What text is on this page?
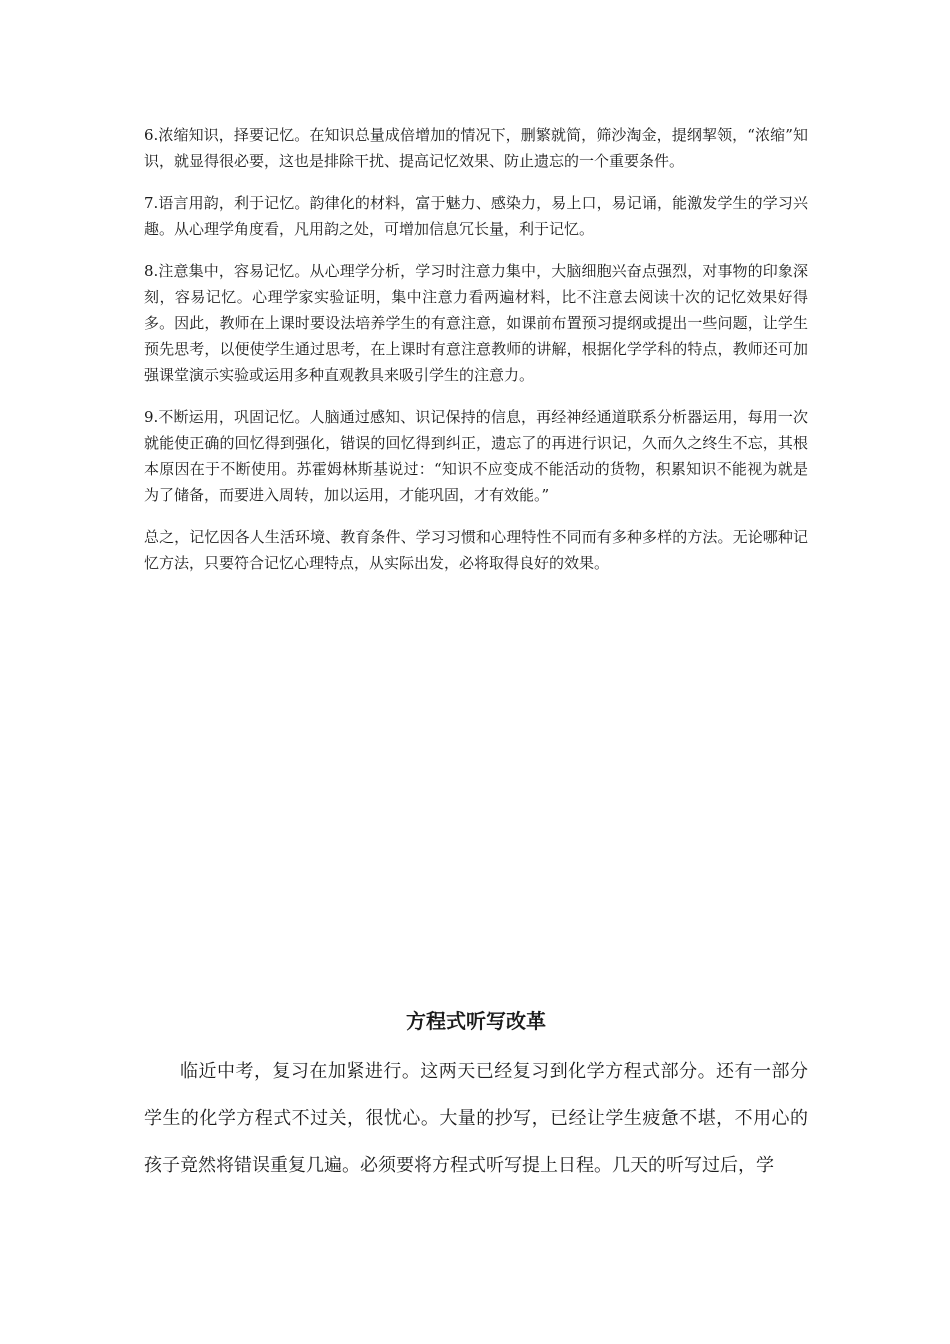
6.浓缩知识，择要记忆。在知识总量成倍增加的情况下，删繁就简，筛沙淘金，提纲挈领，“浓缩”知识，就显得很必要，这也是排除干扰、提高记忆效果、防止遗忘的一个重要条件。

7.语言用韵，利于记忆。韵律化的材料，富于魅力、感染力，易上口，易记诵，能激发学生的学习兴趣。从心理学角度看，凡用韵之处，可增加信息冗长量，利于记忆。

8.注意集中，容易记忆。从心理学分析，学习时注意力集中，大脑细胞兴奋点强烈，对事物的印象深刻，容易记忆。心理学家实验证明，集中注意力看两遍材料，比不注意去阅读十次的记忆效果好得多。因此，教师在上课时要设法培养学生的有意注意，如课前布置预习提纲或提出一些问题，让学生预先思考，以便使学生通过思考，在上课时有意注意教师的讲解，根据化学学科的特点，教师还可加强课堂演示实验或运用多种直观教具来吸引学生的注意力。

9.不断运用，巩固记忆。人脑通过感知、识记保持的信息，再经神经通道联系分析器运用，每用一次就能使正确的回忆得到强化，错误的回忆得到纠正，遗忘了的再进行识记，久而久之终生不忘，其根本原因在于不断使用。苏霍姆林斯基说过：“知识不应变成不能活动的货物，积累知识不能视为就是为了储备，而要进入周转，加以运用，才能巩固，才有效能。”

总之，记忆因各人生活环境、教育条件、学习习惯和心理特性不同而有多种多样的方法。无论哪种记忆方法，只要符合记忆心理特点，从实际出发，必将取得良好的效果。

方程式听写改革

临近中考，复习在加紧进行。这两天已经复习到化学方程式部分。还有一部分学生的化学方程式不过关，很忧心。大量的抄写，已经让学生疲惫不堪，不用心的孩子竟然将错误重复几遍。必须要将方程式听写提上日程。几天的听写过后，学
